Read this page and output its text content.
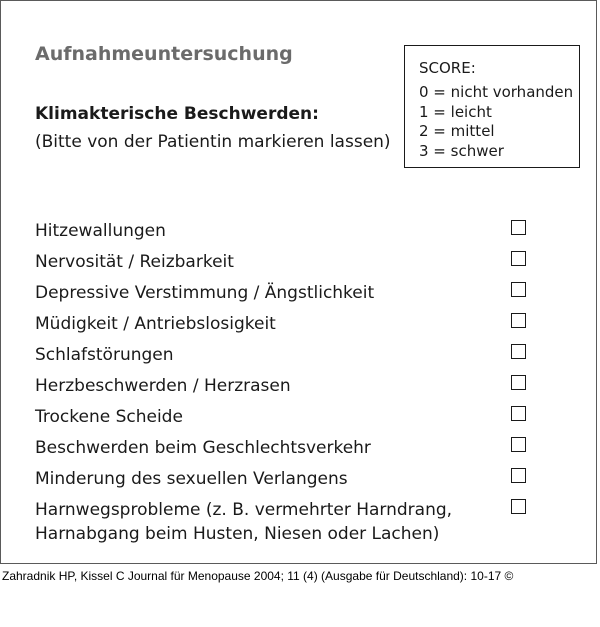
Aufnahmeuntersuchung
Klimakterische Beschwerden:
(Bitte von der Patientin markieren lassen)
SCORE:
0 = nicht vorhanden
1 = leicht
2 = mittel
3 = schwer
Hitzewallungen
Nervosität / Reizbarkeit
Depressive Verstimmung / Ängstlichkeit
Müdigkeit / Antriebslosigkeit
Schlafstörungen
Herzbeschwerden / Herzrasen
Trockene Scheide
Beschwerden beim Geschlechtsverkehr
Minderung des sexuellen Verlangens
Harnwegsprobleme (z. B. vermehrter Harndrang,
Harnabgang beim Husten, Niesen oder Lachen)
Zahradnik HP, Kissel C Journal für Menopause 2004; 11 (4) (Ausgabe für Deutschland): 10-17 ©
